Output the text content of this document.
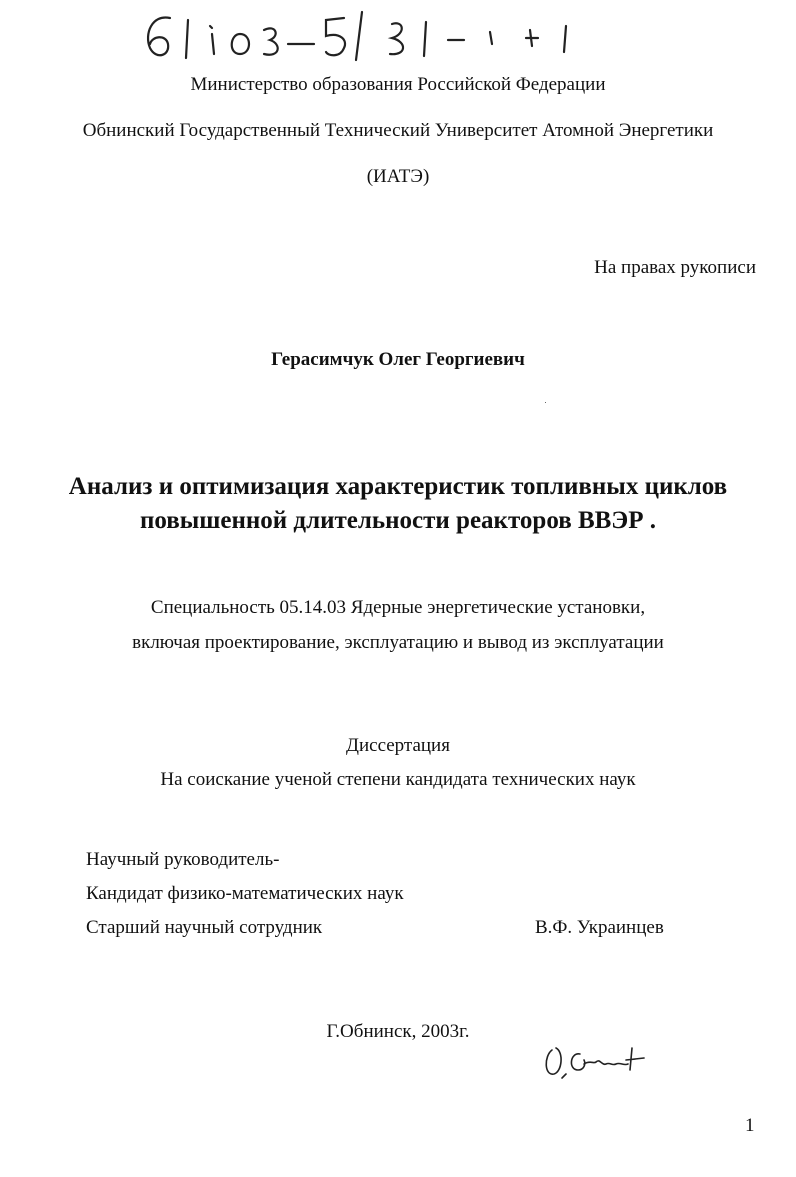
Министерство образования Российской Федерации
Обнинский Государственный Технический Университет Атомной Энергетики
(ИАТЭ)
На правах рукописи
Герасимчук Олег Георгиевич
Анализ и оптимизация характеристик топливных циклов
повышенной длительности реакторов ВВЭР .
Специальность 05.14.03 Ядерные энергетические установки,
включая проектирование, эксплуатацию и вывод из эксплуатации
Диссертация
На соискание ученой степени кандидата технических наук
Научный руководитель-
Кандидат физико-математических наук
Старший научный сотрудник	В.Ф. Украинцев
Г.Обнинск, 2003г.
1
